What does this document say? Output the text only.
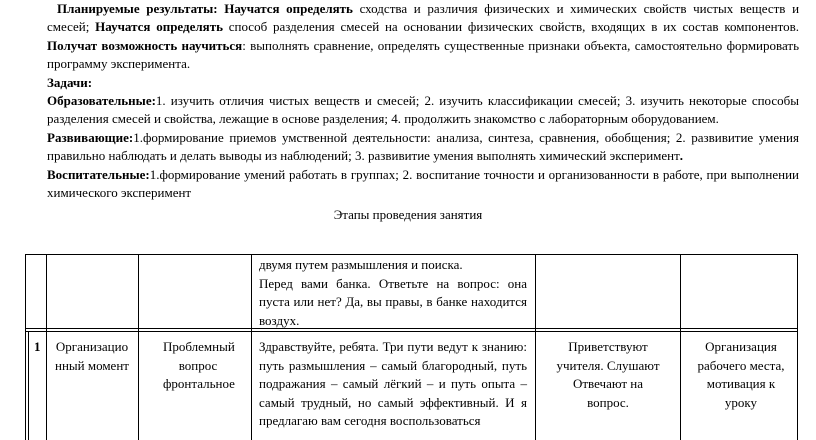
Планируемые результаты: Научатся определять сходства и различия физических и химических свойств чистых веществ и смесей; Научатся определять способ разделения смесей на основании физических свойств, входящих в их состав компонентов. Получат возможность научиться: выполнять сравнение, определять существенные признаки объекта, самостоятельно формировать программу эксперимента.

Задачи:

Образовательные:1. изучить отличия чистых веществ и смесей; 2. изучить классификации смесей; 3. изучить некоторые способы разделения смесей и свойства, лежащие в основе разделения; 4. продолжить знакомство с лабораторным оборудованием.

Развивающие:1.формирование приемов умственной деятельности: анализа, синтеза, сравнения, обобщения; 2. развивитие умения правильно наблюдать и делать выводы из наблюдений; 3. развивитие умения выполнять химический эксперимент.

Воспитательные:1.формирование умений работать в группах; 2. воспитание точности и организованности в работе, при выполнении химического эксперимент

Этапы проведения занятия
двумя путем размышления и поиска.
Перед вами банка. Ответьте на вопрос: она пуста или нет? Да, вы правы, в банке находится воздух.
1	Организационный момент
Проблемный вопрос фронтальное
Здравствуйте, ребята. Три пути ведут к знанию: путь размышления – самый благородный, путь подражания – самый лёгкий – и путь опыта – самый трудный, но самый эффективный. И я предлагаю вам сегодня воспользоваться
Приветствуют учителя. Слушают Отвечают на вопрос.
Организация рабочего места, мотивация к уроку
